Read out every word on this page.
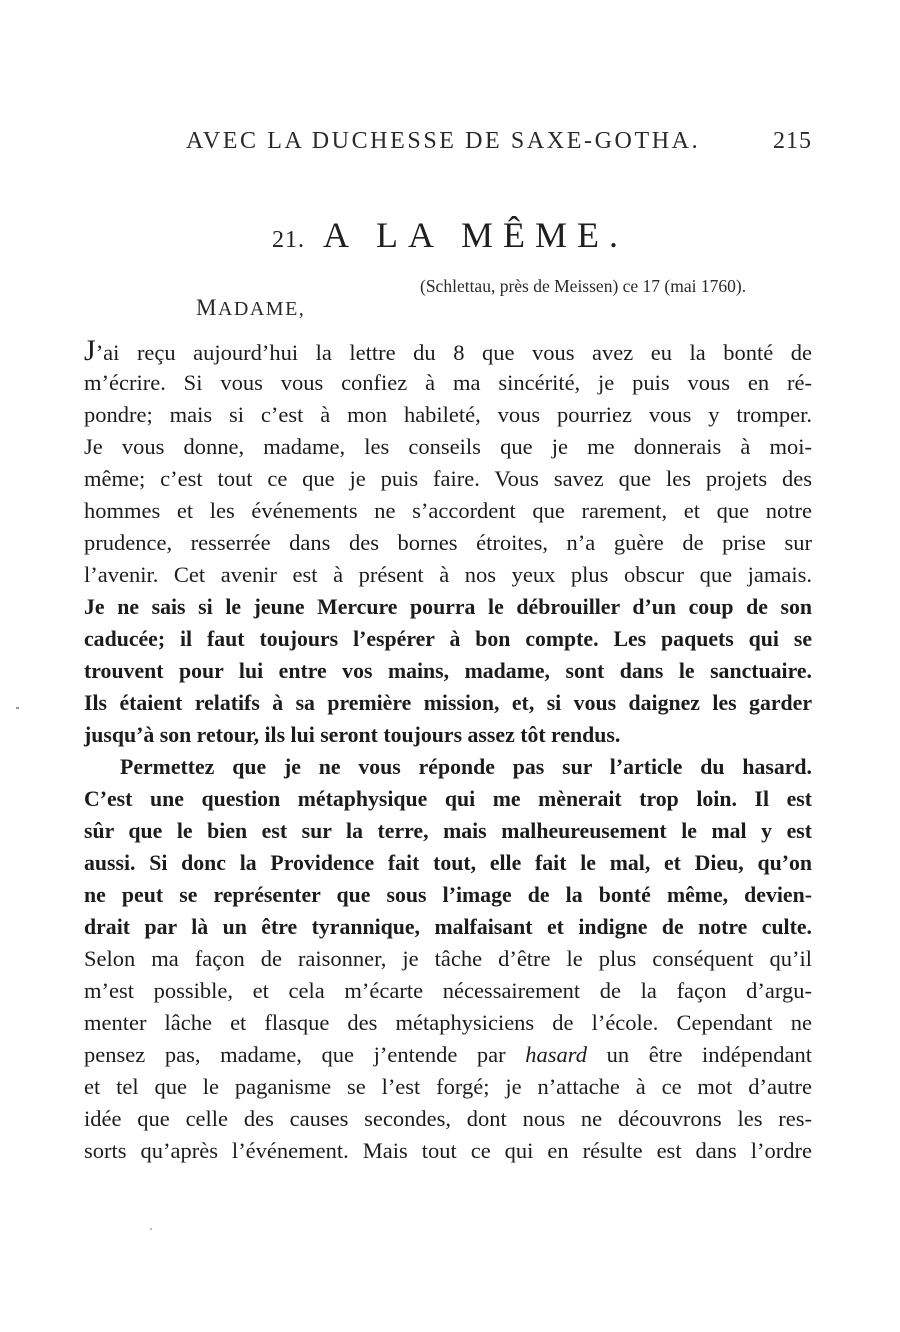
AVEC LA DUCHESSE DE SAXE-GOTHA.	215
21. A LA MÊME.
(Schlettau, près de Meissen) ce 17 (mai 1760).
MADAME,
J’ai reçu aujourd’hui la lettre du 8 que vous avez eu la bonté de
m’écrire. Si vous vous confiez à ma sincérité, je puis vous en ré-
pondre; mais si c’est à mon habileté, vous pourriez vous y tromper.
Je vous donne, madame, les conseils que je me donnerais à moi-
même; c’est tout ce que je puis faire. Vous savez que les projets des
hommes et les événements ne s’accordent que rarement, et que notre
prudence, resserrée dans des bornes étroites, n’a guère de prise sur
l’avenir. Cet avenir est à présent à nos yeux plus obscur que jamais.
Je ne sais si le jeune Mercure pourra le débrouiller d’un coup de son
caducée; il faut toujours l’espérer à bon compte. Les paquets qui se
trouvent pour lui entre vos mains, madame, sont dans le sanctuaire.
Ils étaient relatifs à sa première mission, et, si vous daignez les garder
jusqu’à son retour, ils lui seront toujours assez tôt rendus.
Permettez que je ne vous réponde pas sur l’article du hasard.
C’est une question métaphysique qui me mènerait trop loin. Il est
sûr que le bien est sur la terre, mais malheureusement le mal y est
aussi. Si donc la Providence fait tout, elle fait le mal, et Dieu, qu’on
ne peut se représenter que sous l’image de la bonté même, devien-
drait par là un être tyrannique, malfaisant et indigne de notre culte.
Selon ma façon de raisonner, je tâche d’être le plus conséquent qu’il
m’est possible, et cela m’écarte nécessairement de la façon d’argu-
menter lâche et flasque des métaphysiciens de l’école. Cependant ne
pensez pas, madame, que j’entende par hasard un être indépendant
et tel que le paganisme se l’est forgé; je n’attache à ce mot d’autre
idée que celle des causes secondes, dont nous ne découvrons les res-
sorts qu’après l’événement. Mais tout ce qui en résulte est dans l’ordre
